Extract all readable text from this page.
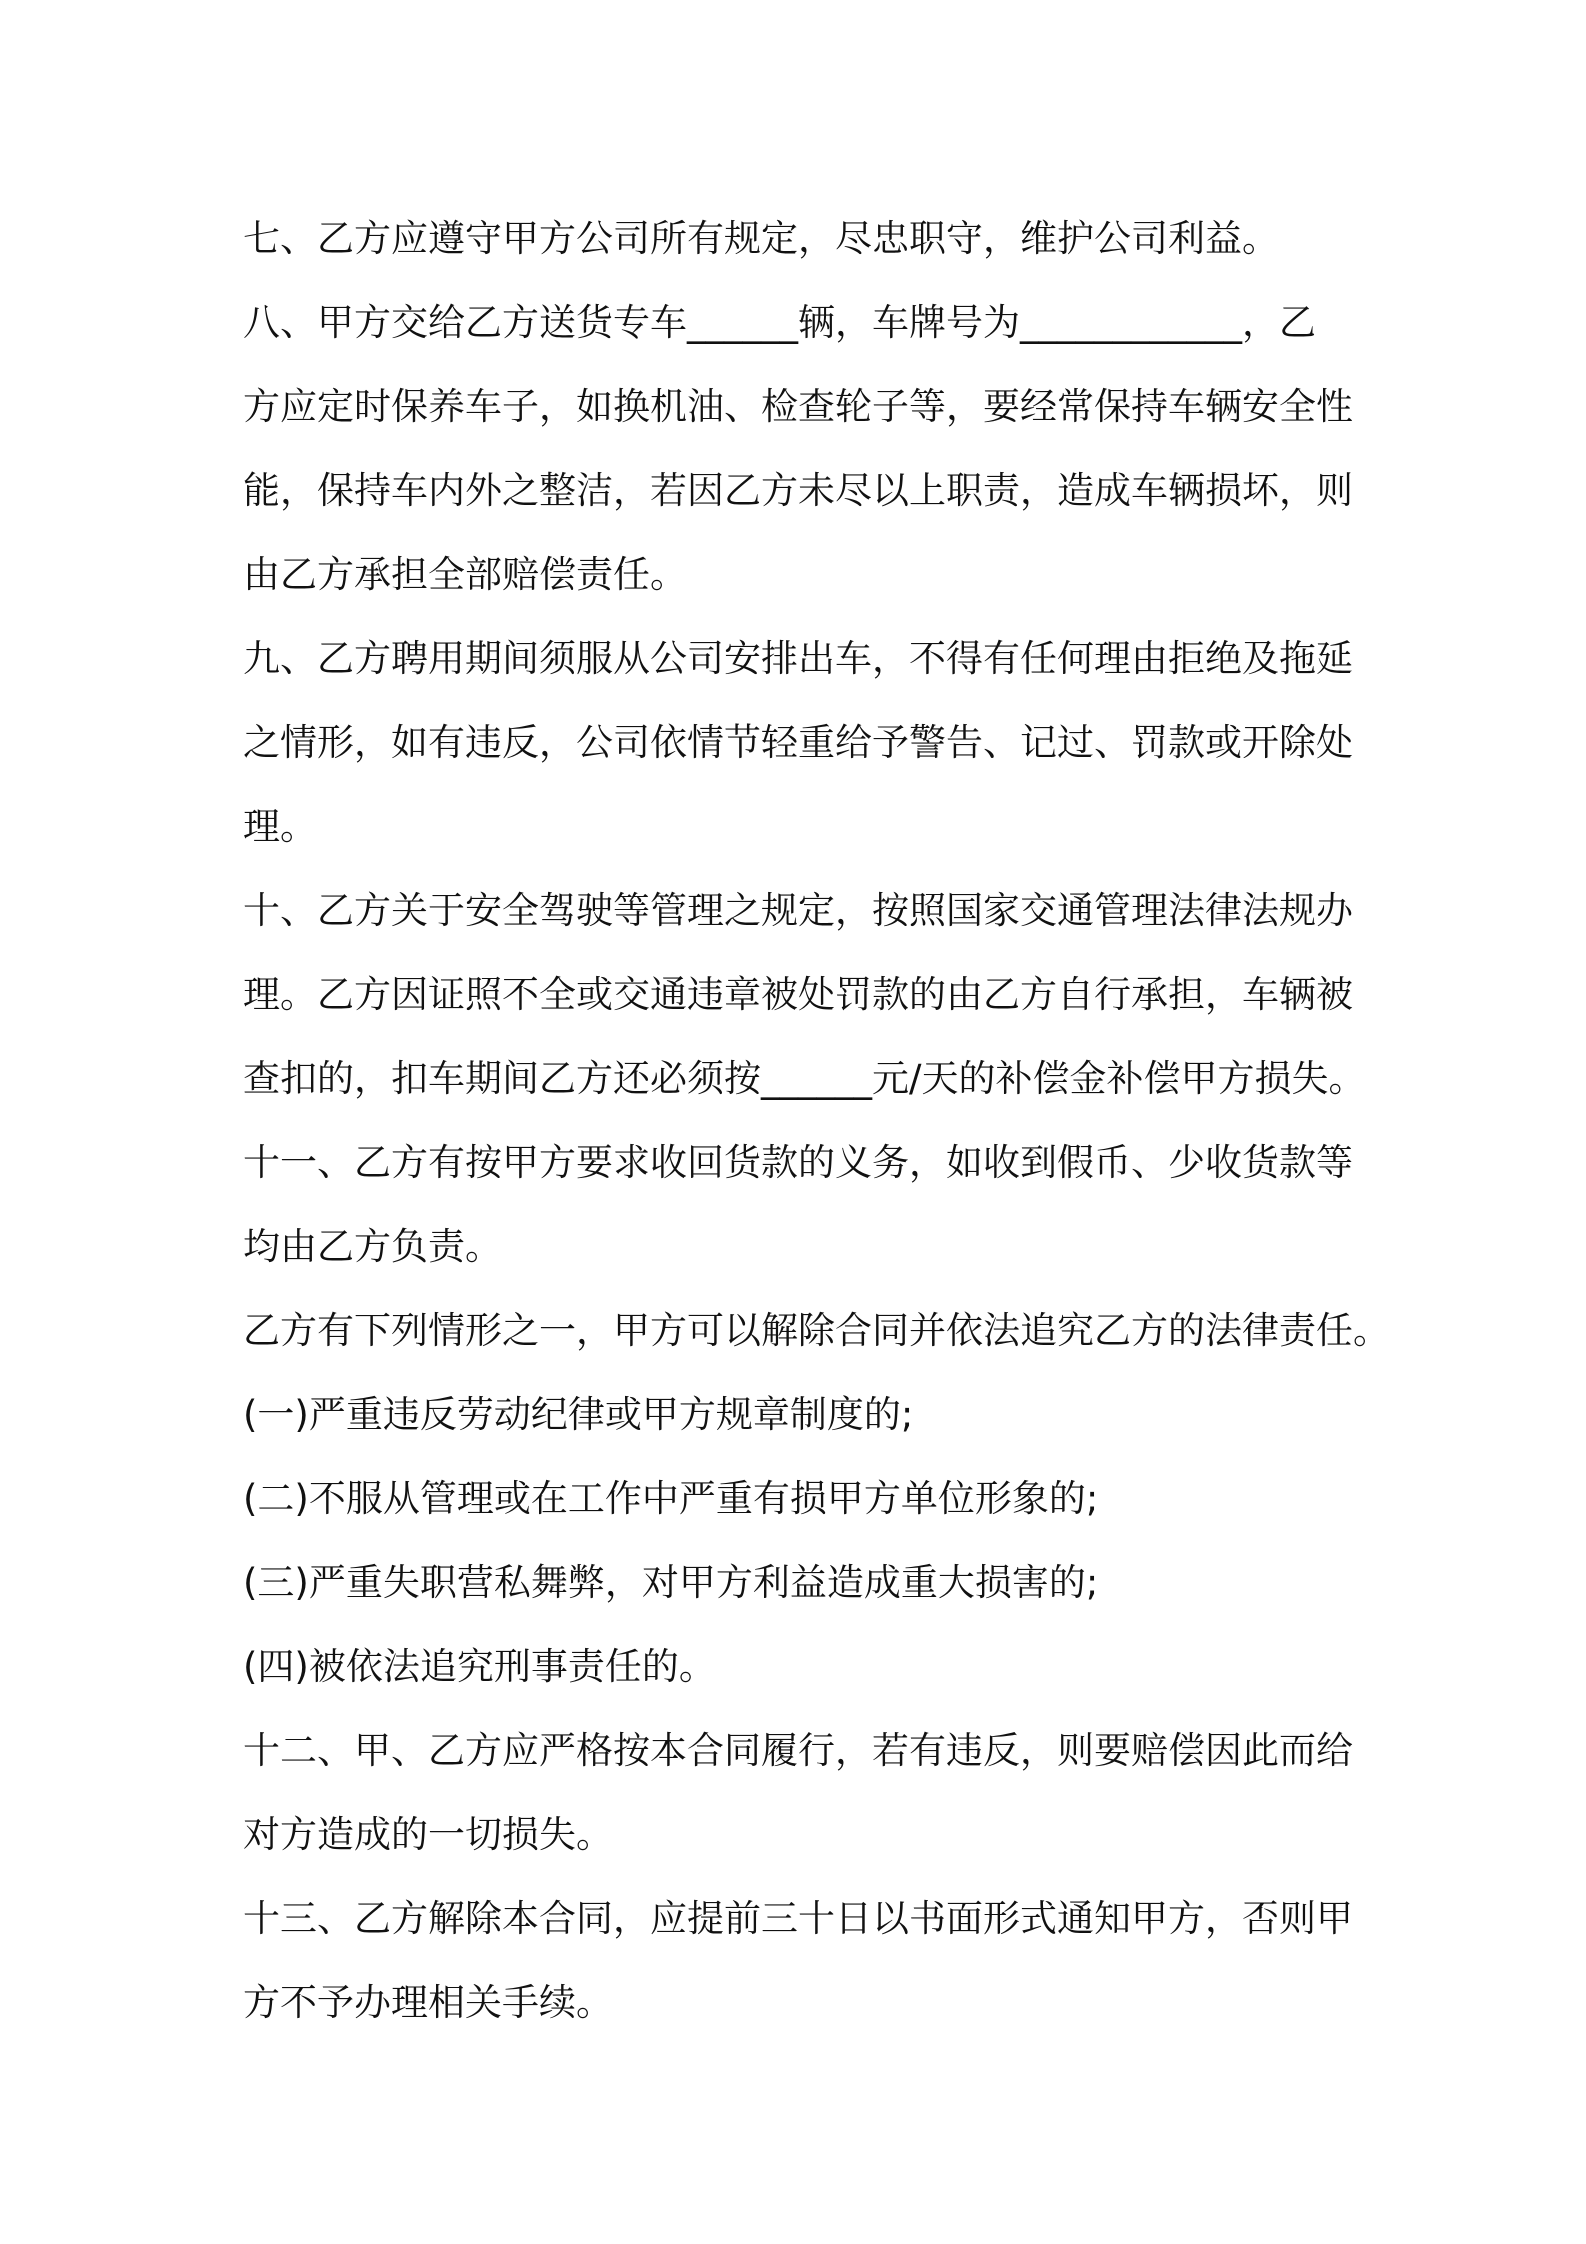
七、乙方应遵守甲方公司所有规定，尽忠职守，维护公司利益。
八、甲方交给乙方送货专车______辆，车牌号为____________，乙
方应定时保养车子，如换机油、检查轮子等，要经常保持车辆安全性
能，保持车内外之整洁，若因乙方未尽以上职责，造成车辆损坏，则
由乙方承担全部赔偿责任。
九、乙方聘用期间须服从公司安排出车，不得有任何理由拒绝及拖延
之情形，如有违反，公司依情节轻重给予警告、记过、罚款或开除处
理。
十、乙方关于安全驾驶等管理之规定，按照国家交通管理法律法规办
理。乙方因证照不全或交通违章被处罚款的由乙方自行承担，车辆被
查扣的，扣车期间乙方还必须按______元/天的补偿金补偿甲方损失。
十一、乙方有按甲方要求收回货款的义务，如收到假币、少收货款等
均由乙方负责。
乙方有下列情形之一，甲方可以解除合同并依法追究乙方的法律责任。
(一)严重违反劳动纪律或甲方规章制度的;
(二)不服从管理或在工作中严重有损甲方单位形象的;
(三)严重失职营私舞弊，对甲方利益造成重大损害的;
(四)被依法追究刑事责任的。
十二、甲、乙方应严格按本合同履行，若有违反，则要赔偿因此而给
对方造成的一切损失。
十三、乙方解除本合同，应提前三十日以书面形式通知甲方，否则甲
方不予办理相关手续。
